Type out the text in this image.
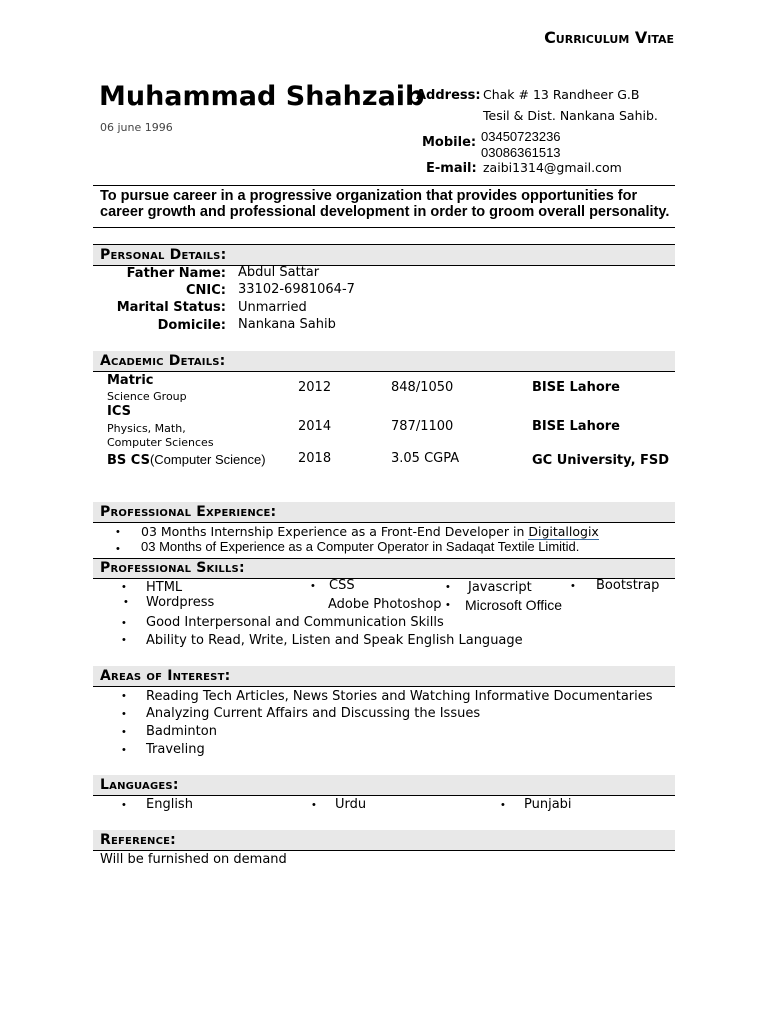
Curriculum Vitae
Muhammad Shahzaib
06 june 1996
Address: Chak # 13 Randheer G.B
Tesil & Dist. Nankana Sahib.
Mobile: 03450723236
03086361513
E-mail: zaibi1314@gmail.com
To pursue career in a progressive organization that provides opportunities for career growth and professional development in order to groom overall personality.
Personal Details:
Father Name: Abdul Sattar
CNIC: 33102-6981064-7
Marital Status: Unmarried
Domicile: Nankana Sahib
Academic Details:
Matric
Science Group
2012	848/1050	BISE Lahore
ICS
Physics, Math,
Computer Sciences
2014	787/1100	BISE Lahore
BS CS(Computer Science) 2018	3.05 CGPA	GC University, FSD
Professional Experience:
• 03 Months Internship Experience as a Front-End Developer in Digitallogix
• 03 Months of Experience as a Computer Operator in Sadaqat Textile Limitid.
Professional Skills:
• HTML	• CSS	• Javascript	• Bootstrap
• Wordpress	Adobe Photoshop • Microsoft Office
• Good Interpersonal and Communication Skills
• Ability to Read, Write, Listen and Speak English Language
Areas of Interest:
• Reading Tech Articles, News Stories and Watching Informative Documentaries
• Analyzing Current Affairs and Discussing the Issues
• Badminton
• Traveling
Languages:
• English	• Urdu	• Punjabi
Reference:
Will be furnished on demand
